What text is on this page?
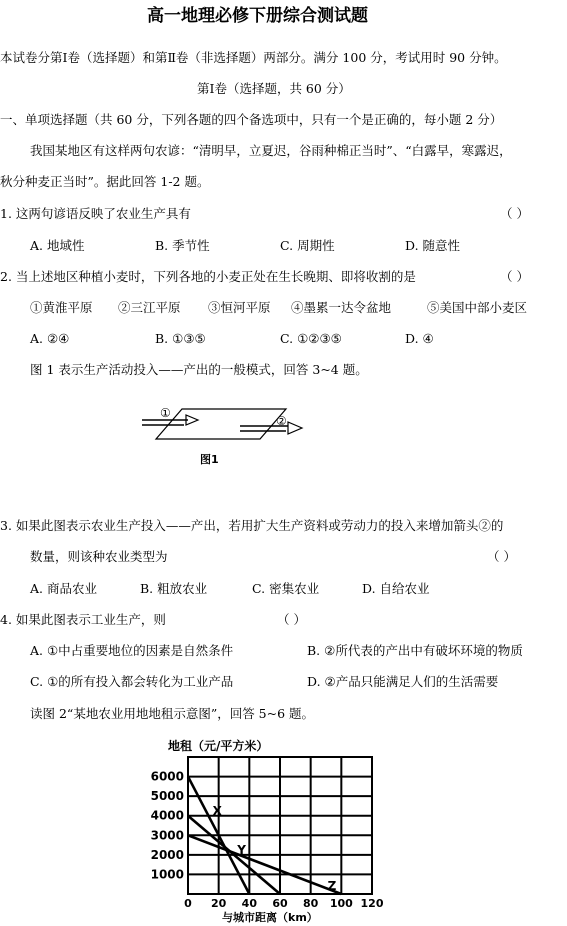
高一地理必修下册综合测试题
本试卷分第Ⅰ卷（选择题）和第Ⅱ卷（非选择题）两部分。满分 100 分，考试用时 90 分钟。
第Ⅰ卷（选择题，共 60 分）
一、单项选择题（共 60 分，下列各题的四个备选项中，只有一个是正确的，每小题 2 分）
我国某地区有这样两句农谚：“清明早，立夏迟，谷雨种棉正当时”、“白露早，寒露迟，
秋分种麦正当时”。据此回答 1-2 题。
1. 这两句谚语反映了农业生产具有	（ ）
A. 地域性	B. 季节性	C. 周期性	D. 随意性
2. 当上述地区种植小麦时，下列各地的小麦正处在生长晚期、即将收割的是	（ ）
①黄淮平原 ②三江平原 ③恒河平原 ④墨累一达令盆地	⑤美国中部小麦区
A. ②④	B. ①③⑤	C. ①②③⑤	D. ④
图 1 表示生产活动投入——产出的一般模式，回答 3~4 题。
①
②
图1
3. 如果此图表示农业生产投入——产出，若用扩大生产资料或劳动力的投入来增加箭头②的
数量，则该种农业类型为	（ ）
A. 商品农业	B. 粗放农业	C. 密集农业	D. 自给农业
4. 如果此图表示工业生产，则	（ ）
A. ①中占重要地位的因素是自然条件	B. ②所代表的产出中有破坏环境的物质
C. ①的所有投入都会转化为工业产品	D. ②产品只能满足人们的生活需要
读图 2“某地农业用地地租示意图”，回答 5~6 题。
地租（元/平方米）
与城市距离（km）
X
Y
Z
0 20 40 60 80 100 120
1000
2000
3000
4000
5000
6000
